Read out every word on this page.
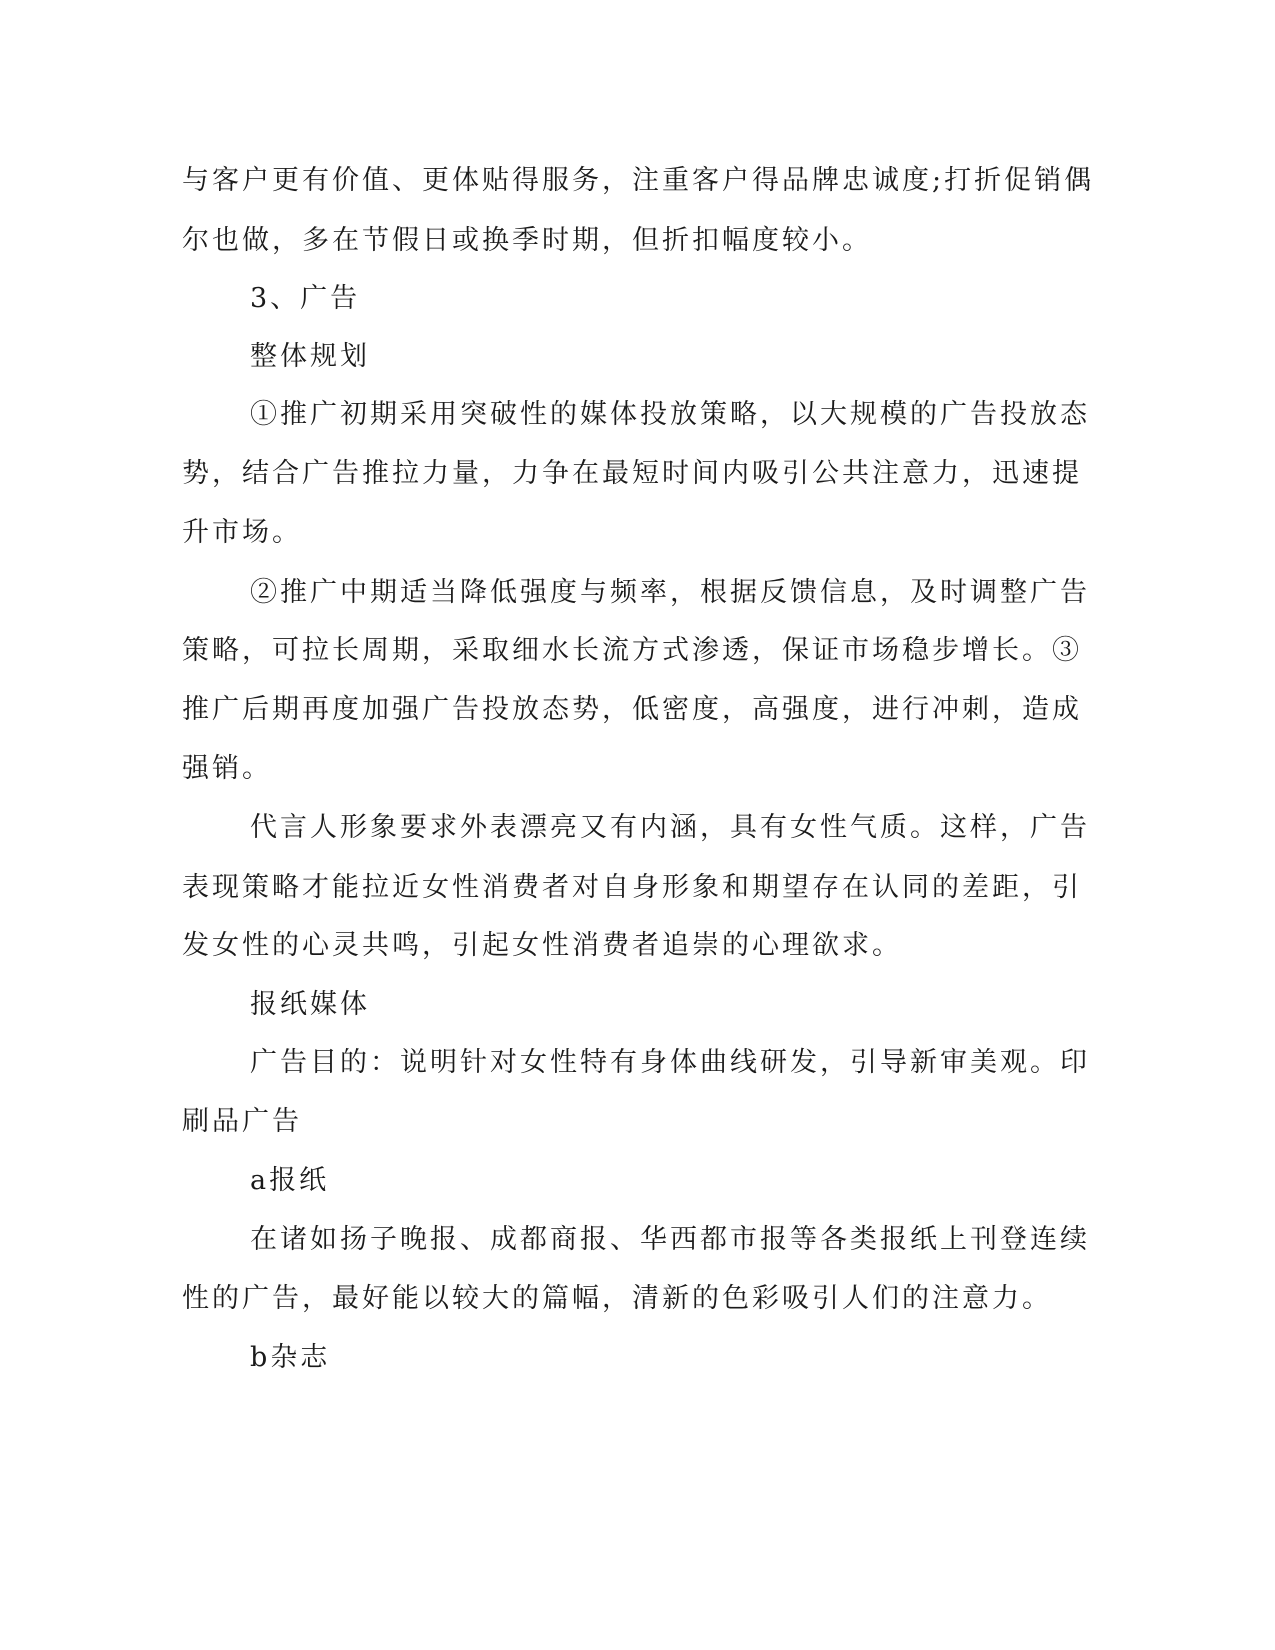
与客户更有价值、更体贴得服务，注重客户得品牌忠诚度;打折促销偶
尔也做，多在节假日或换季时期，但折扣幅度较小。
3、广告
整体规划
①推广初期采用突破性的媒体投放策略，以大规模的广告投放态
势，结合广告推拉力量，力争在最短时间内吸引公共注意力，迅速提
升市场。
②推广中期适当降低强度与频率，根据反馈信息，及时调整广告
策略，可拉长周期，采取细水长流方式渗透，保证市场稳步增长。③
推广后期再度加强广告投放态势，低密度，高强度，进行冲刺，造成
强销。
代言人形象要求外表漂亮又有内涵，具有女性气质。这样，广告
表现策略才能拉近女性消费者对自身形象和期望存在认同的差距，引
发女性的心灵共鸣，引起女性消费者追崇的心理欲求。
报纸媒体
广告目的：说明针对女性特有身体曲线研发，引导新审美观。印
刷品广告
a报纸
在诸如扬子晚报、成都商报、华西都市报等各类报纸上刊登连续
性的广告，最好能以较大的篇幅，清新的色彩吸引人们的注意力。
b杂志
